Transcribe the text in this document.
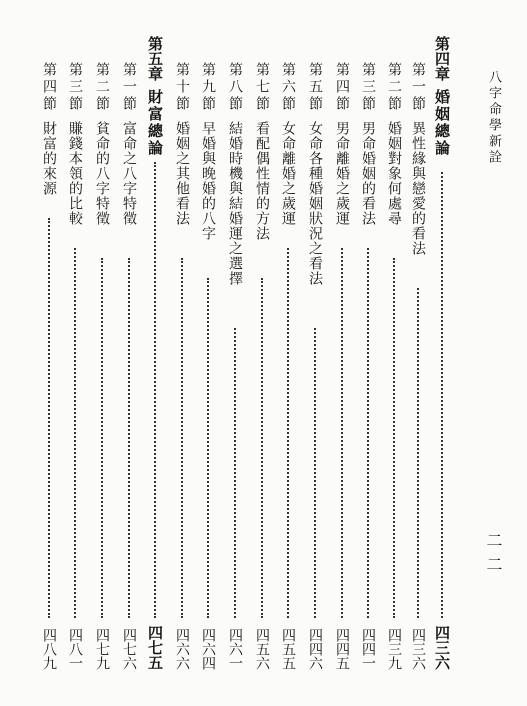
八字命學新詮
二二
第四章婚姻總論
四三六
第一節異性緣與戀愛的看法
四三六
第二節婚姻對象何處尋
四三九
第三節男命婚姻的看法
四四一
第四節男命離婚之歲運
四四五
第五節女命各種婚姻狀況之看法
四四六
第六節女命離婚之歲運
四五五
第七節看配偶性情的方法
四五六
第八節結婚時機與結婚運之選擇
四六一
第九節早婚與晚婚的八字
四六四
第十節婚姻之其他看法
四六六
第五章財富總論
四七五
第一節富命之八字特徵
四七六
第二節貧命的八字特徵
四七九
第三節賺錢本領的比較
四八一
第四節財富的來源
四八九
